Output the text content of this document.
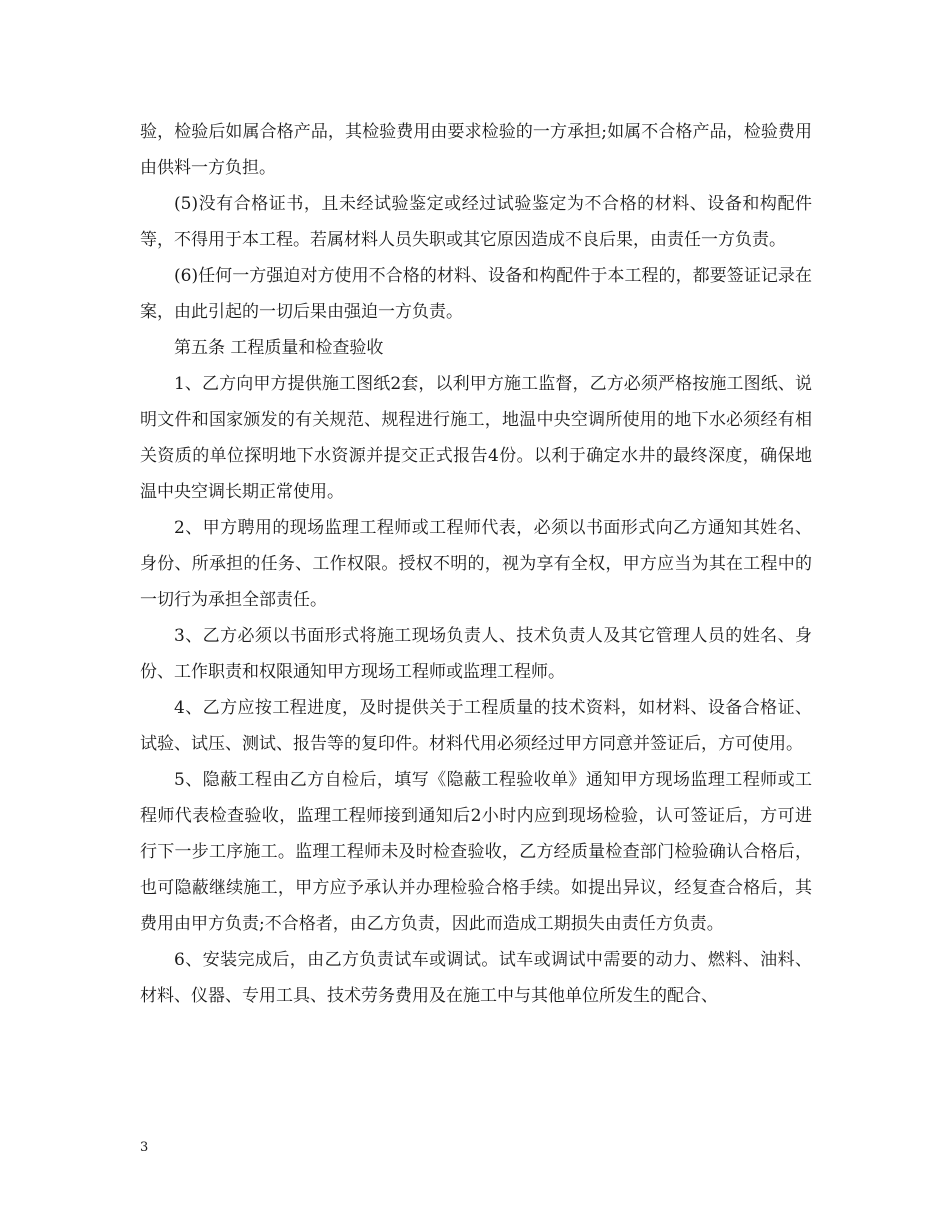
验，检验后如属合格产品，其检验费用由要求检验的一方承担;如属不合格产品，检验费用由供料一方负担。

(5)没有合格证书，且未经试验鉴定或经过试验鉴定为不合格的材料、设备和构配件等，不得用于本工程。若属材料人员失职或其它原因造成不良后果，由责任一方负责。

(6)任何一方强迫对方使用不合格的材料、设备和构配件于本工程的，都要签证记录在案，由此引起的一切后果由强迫一方负责。

第五条 工程质量和检查验收

1、乙方向甲方提供施工图纸2套，以利甲方施工监督，乙方必须严格按施工图纸、说明文件和国家颁发的有关规范、规程进行施工，地温中央空调所使用的地下水必须经有相关资质的单位探明地下水资源并提交正式报告4份。以利于确定水井的最终深度，确保地温中央空调长期正常使用。

2、甲方聘用的现场监理工程师或工程师代表，必须以书面形式向乙方通知其姓名、身份、所承担的任务、工作权限。授权不明的，视为享有全权，甲方应当为其在工程中的一切行为承担全部责任。

3、乙方必须以书面形式将施工现场负责人、技术负责人及其它管理人员的姓名、身份、工作职责和权限通知甲方现场工程师或监理工程师。

4、乙方应按工程进度，及时提供关于工程质量的技术资料，如材料、设备合格证、试验、试压、测试、报告等的复印件。材料代用必须经过甲方同意并签证后，方可使用。

5、隐蔽工程由乙方自检后，填写《隐蔽工程验收单》通知甲方现场监理工程师或工程师代表检查验收，监理工程师接到通知后2小时内应到现场检验，认可签证后，方可进行下一步工序施工。监理工程师未及时检查验收，乙方经质量检查部门检验确认合格后，也可隐蔽继续施工，甲方应予承认并办理检验合格手续。如提出异议，经复查合格后，其费用由甲方负责;不合格者，由乙方负责，因此而造成工期损失由责任方负责。

6、安装完成后，由乙方负责试车或调试。试车或调试中需要的动力、燃料、油料、材料、仪器、专用工具、技术劳务费用及在施工中与其他单位所发生的配合、

3
